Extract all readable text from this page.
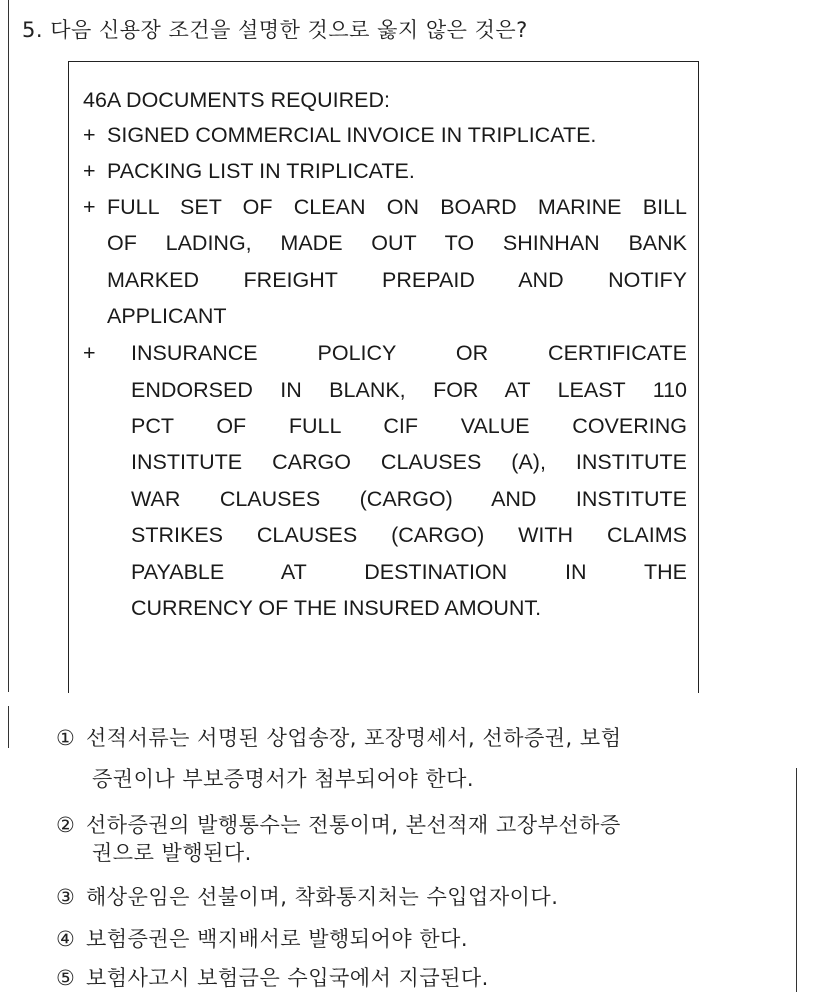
5. 다음 신용장 조건을 설명한 것으로 옳지 않은 것은?
46A DOCUMENTS REQUIRED:
+ SIGNED COMMERCIAL INVOICE IN TRIPLICATE.
+ PACKING LIST IN TRIPLICATE.
+ FULL SET OF CLEAN ON BOARD MARINE BILL
OF LADING, MADE OUT TO SHINHAN BANK
MARKED FREIGHT PREPAID AND NOTIFY
APPLICANT
+ INSURANCE POLICY OR CERTIFICATE
ENDORSED IN BLANK, FOR AT LEAST 110
PCT OF FULL CIF VALUE COVERING
INSTITUTE CARGO CLAUSES (A), INSTITUTE
WAR CLAUSES (CARGO) AND INSTITUTE
STRIKES CLAUSES (CARGO) WITH CLAIMS
PAYABLE AT DESTINATION IN THE
CURRENCY OF THE INSURED AMOUNT.
① 선적서류는 서명된 상업송장, 포장명세서, 선하증권, 보험
증권이나 부보증명서가 첨부되어야 한다.
② 선하증권의 발행통수는 전통이며, 본선적재 고장부선하증
권으로 발행된다.
③ 해상운임은 선불이며, 착화통지처는 수입업자이다.
④ 보험증권은 백지배서로 발행되어야 한다.
⑤ 보험사고시 보험금은 수입국에서 지급된다.
